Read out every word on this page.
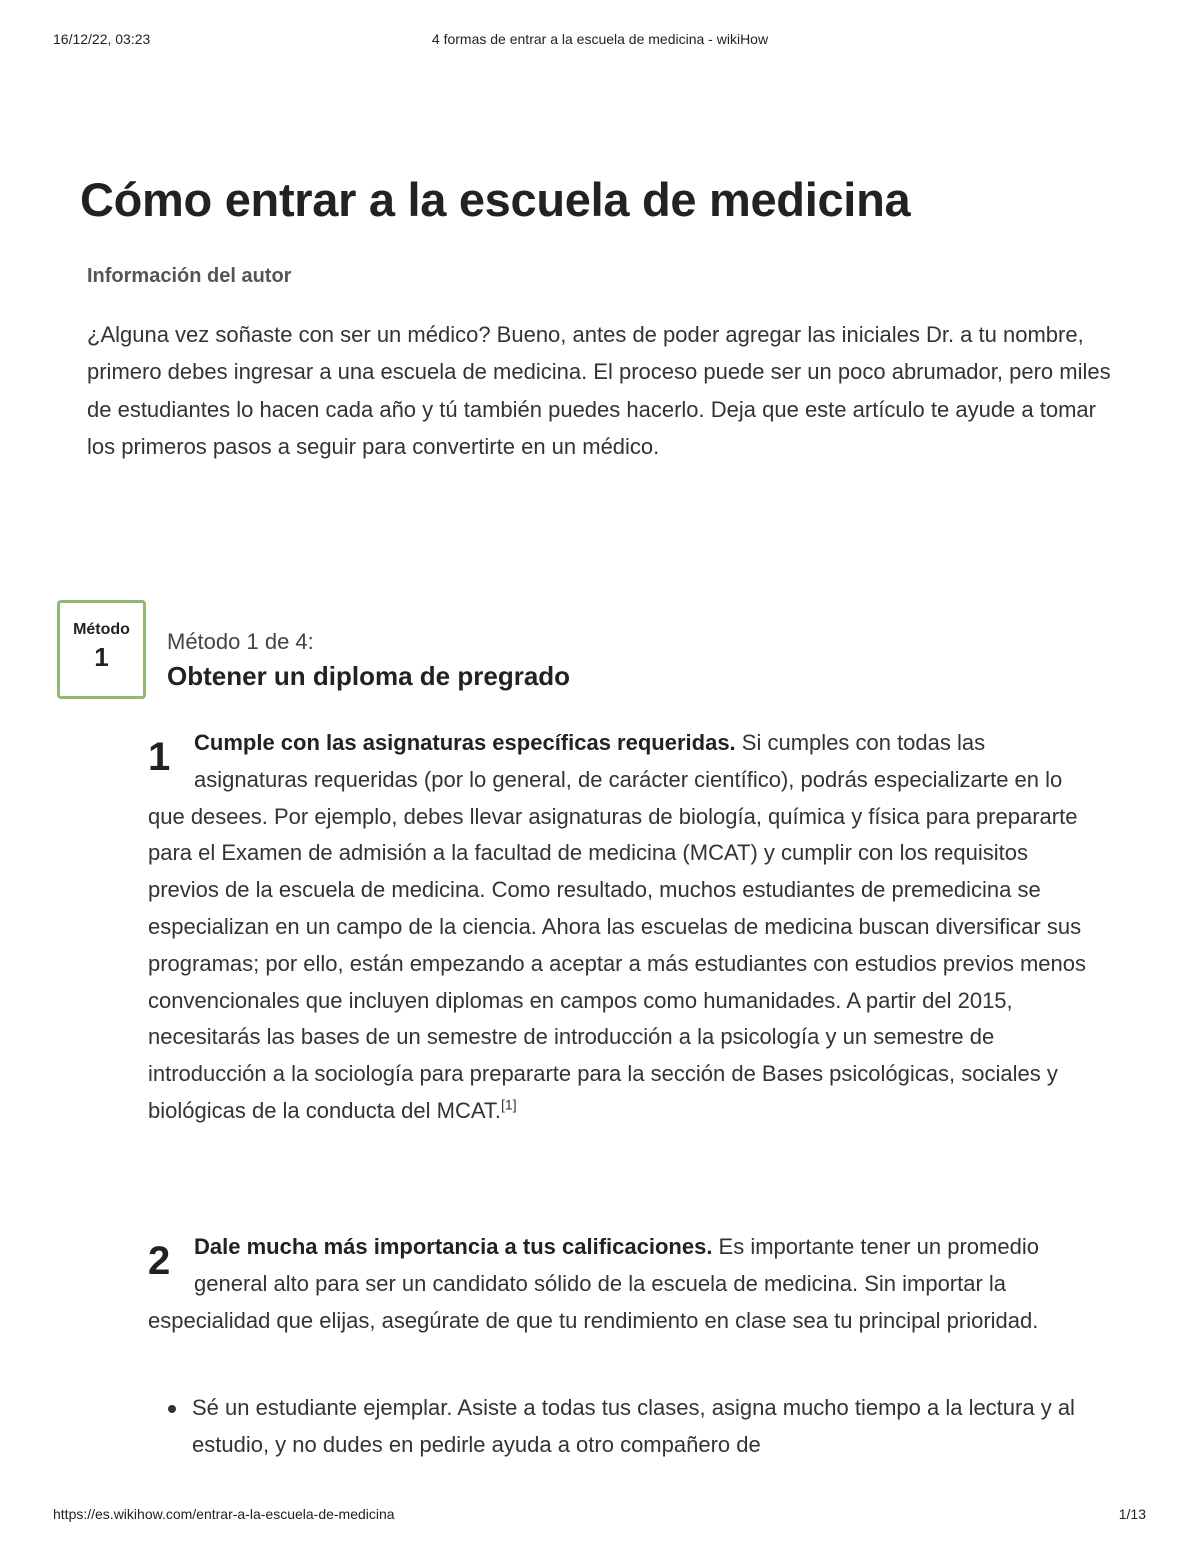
16/12/22, 03:23	4 formas de entrar a la escuela de medicina - wikiHow
Cómo entrar a la escuela de medicina

Información del autor

¿Alguna vez soñaste con ser un médico? Bueno, antes de poder agregar las iniciales Dr. a tu nombre, primero debes ingresar a una escuela de medicina. El proceso puede ser un poco abrumador, pero miles de estudiantes lo hacen cada año y tú también puedes hacerlo. Deja que este artículo te ayude a tomar los primeros pasos a seguir para convertirte en un médico.

Método
1

Método 1 de 4:

Obtener un diploma de pregrado
1	Cumple con las asignaturas específicas requeridas. Si cumples con todas las asignaturas requeridas (por lo general, de carácter científico), podrás especializarte en lo que desees. Por ejemplo, debes llevar asignaturas de biología, química y física para prepararte para el Examen de admisión a la facultad de medicina (MCAT) y cumplir con los requisitos previos de la escuela de medicina. Como resultado, muchos estudiantes de premedicina se especializan en un campo de la ciencia. Ahora las escuelas de medicina buscan diversificar sus programas; por ello, están empezando a aceptar a más estudiantes con estudios previos menos convencionales que incluyen diplomas en campos como humanidades. A partir del 2015, necesitarás las bases de un semestre de introducción a la psicología y un semestre de introducción a la sociología para prepararte para la sección de Bases psicológicas, sociales y biológicas de la conducta del MCAT.[1]
2	Dale mucha más importancia a tus calificaciones. Es importante tener un promedio general alto para ser un candidato sólido de la escuela de medicina. Sin importar la especialidad que elijas, asegúrate de que tu rendimiento en clase sea tu principal prioridad.
Sé un estudiante ejemplar. Asiste a todas tus clases, asigna mucho tiempo a la lectura y al estudio, y no dudes en pedirle ayuda a otro compañero de
https://es.wikihow.com/entrar-a-la-escuela-de-medicina	1/13
